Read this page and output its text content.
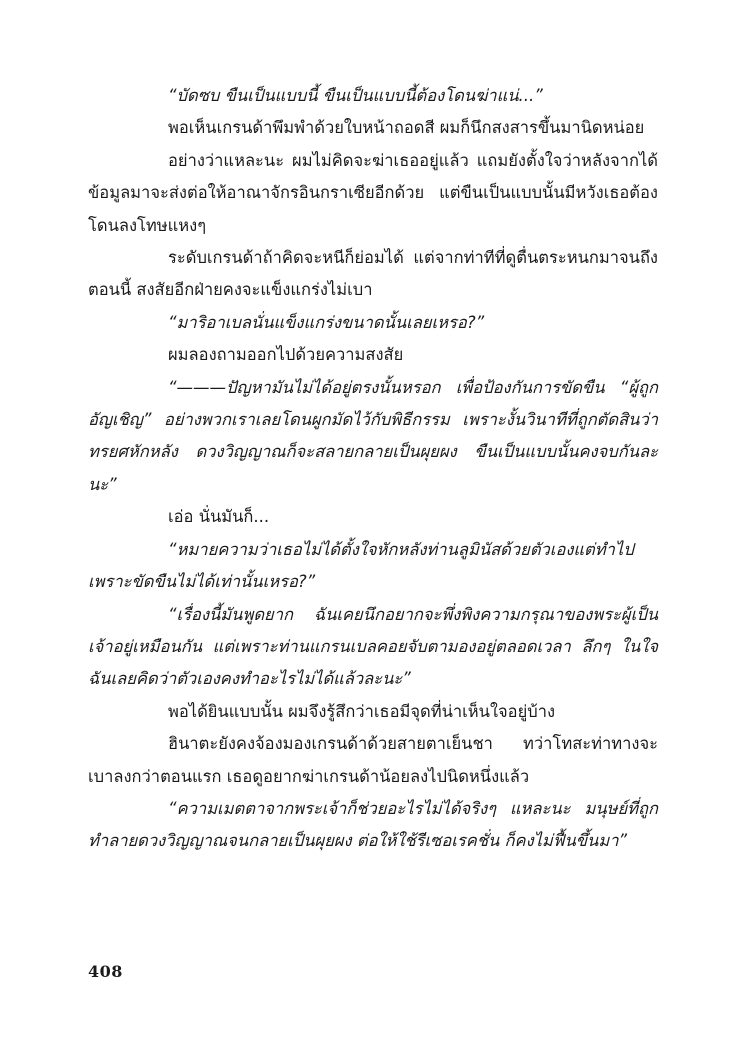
“บัดซบ ขืนเป็นแบบนี้ ขืนเป็นแบบนี้ต้องโดนฆ่าแน่...”

พอเห็นเกรนด้าพึมพำด้วยใบหน้าถอดสี ผมก็นึกสงสารขึ้นมานิดหน่อย

อย่างว่าแหละนะ ผมไม่คิดจะฆ่าเธออยู่แล้ว แถมยังตั้งใจว่าหลังจากได้ข้อมูลมาจะส่งต่อให้อาณาจักรอินกราเซียอีกด้วย แต่ขืนเป็นแบบนั้นมีหวังเธอต้องโดนลงโทษแหงๆ

ระดับเกรนด้าถ้าคิดจะหนีก็ย่อมได้ แต่จากท่าทีที่ดูตื่นตระหนกมาจนถึงตอนนี้ สงสัยอีกฝ่ายคงจะแข็งแกร่งไม่เบา

“มาริอาเบลนั่นแข็งแกร่งขนาดนั้นเลยเหรอ?”

ผมลองถามออกไปด้วยความสงสัย

“———ปัญหามันไม่ได้อยู่ตรงนั้นหรอก เพื่อป้องกันการขัดขืน “ผู้ถูกอัญเชิญ” อย่างพวกเราเลยโดนผูกมัดไว้กับพิธีกรรม เพราะงั้นวินาทีที่ถูกตัดสินว่าทรยศหักหลัง ดวงวิญญาณก็จะสลายกลายเป็นผุยผง ขืนเป็นแบบนั้นคงจบกันละนะ”

เอ่อ นั่นมันก็...

“หมายความว่าเธอไม่ได้ตั้งใจหักหลังท่านลูมินัสด้วยตัวเองแต่ทำไปเพราะขัดขืนไม่ได้เท่านั้นเหรอ?”

“เรื่องนี้มันพูดยาก ฉันเคยนึกอยากจะพึ่งพิงความกรุณาของพระผู้เป็นเจ้าอยู่เหมือนกัน แต่เพราะท่านแกรนเบลคอยจับตามองอยู่ตลอดเวลา ลึกๆ ในใจฉันเลยคิดว่าตัวเองคงทำอะไรไม่ได้แล้วละนะ”

พอได้ยินแบบนั้น ผมจึงรู้สึกว่าเธอมีจุดที่น่าเห็นใจอยู่บ้าง

ฮินาตะยังคงจ้องมองเกรนด้าด้วยสายตาเย็นชา ทว่าโทสะท่าทางจะเบาลงกว่าตอนแรก เธอดูอยากฆ่าเกรนด้าน้อยลงไปนิดหนึ่งแล้ว

“ความเมตตาจากพระเจ้าก็ช่วยอะไรไม่ได้จริงๆ แหละนะ มนุษย์ที่ถูกทำลายดวงวิญญาณจนกลายเป็นผุยผง ต่อให้ใช้รีเซอเรคชั่น ก็คงไม่ฟื้นขึ้นมา”

408
